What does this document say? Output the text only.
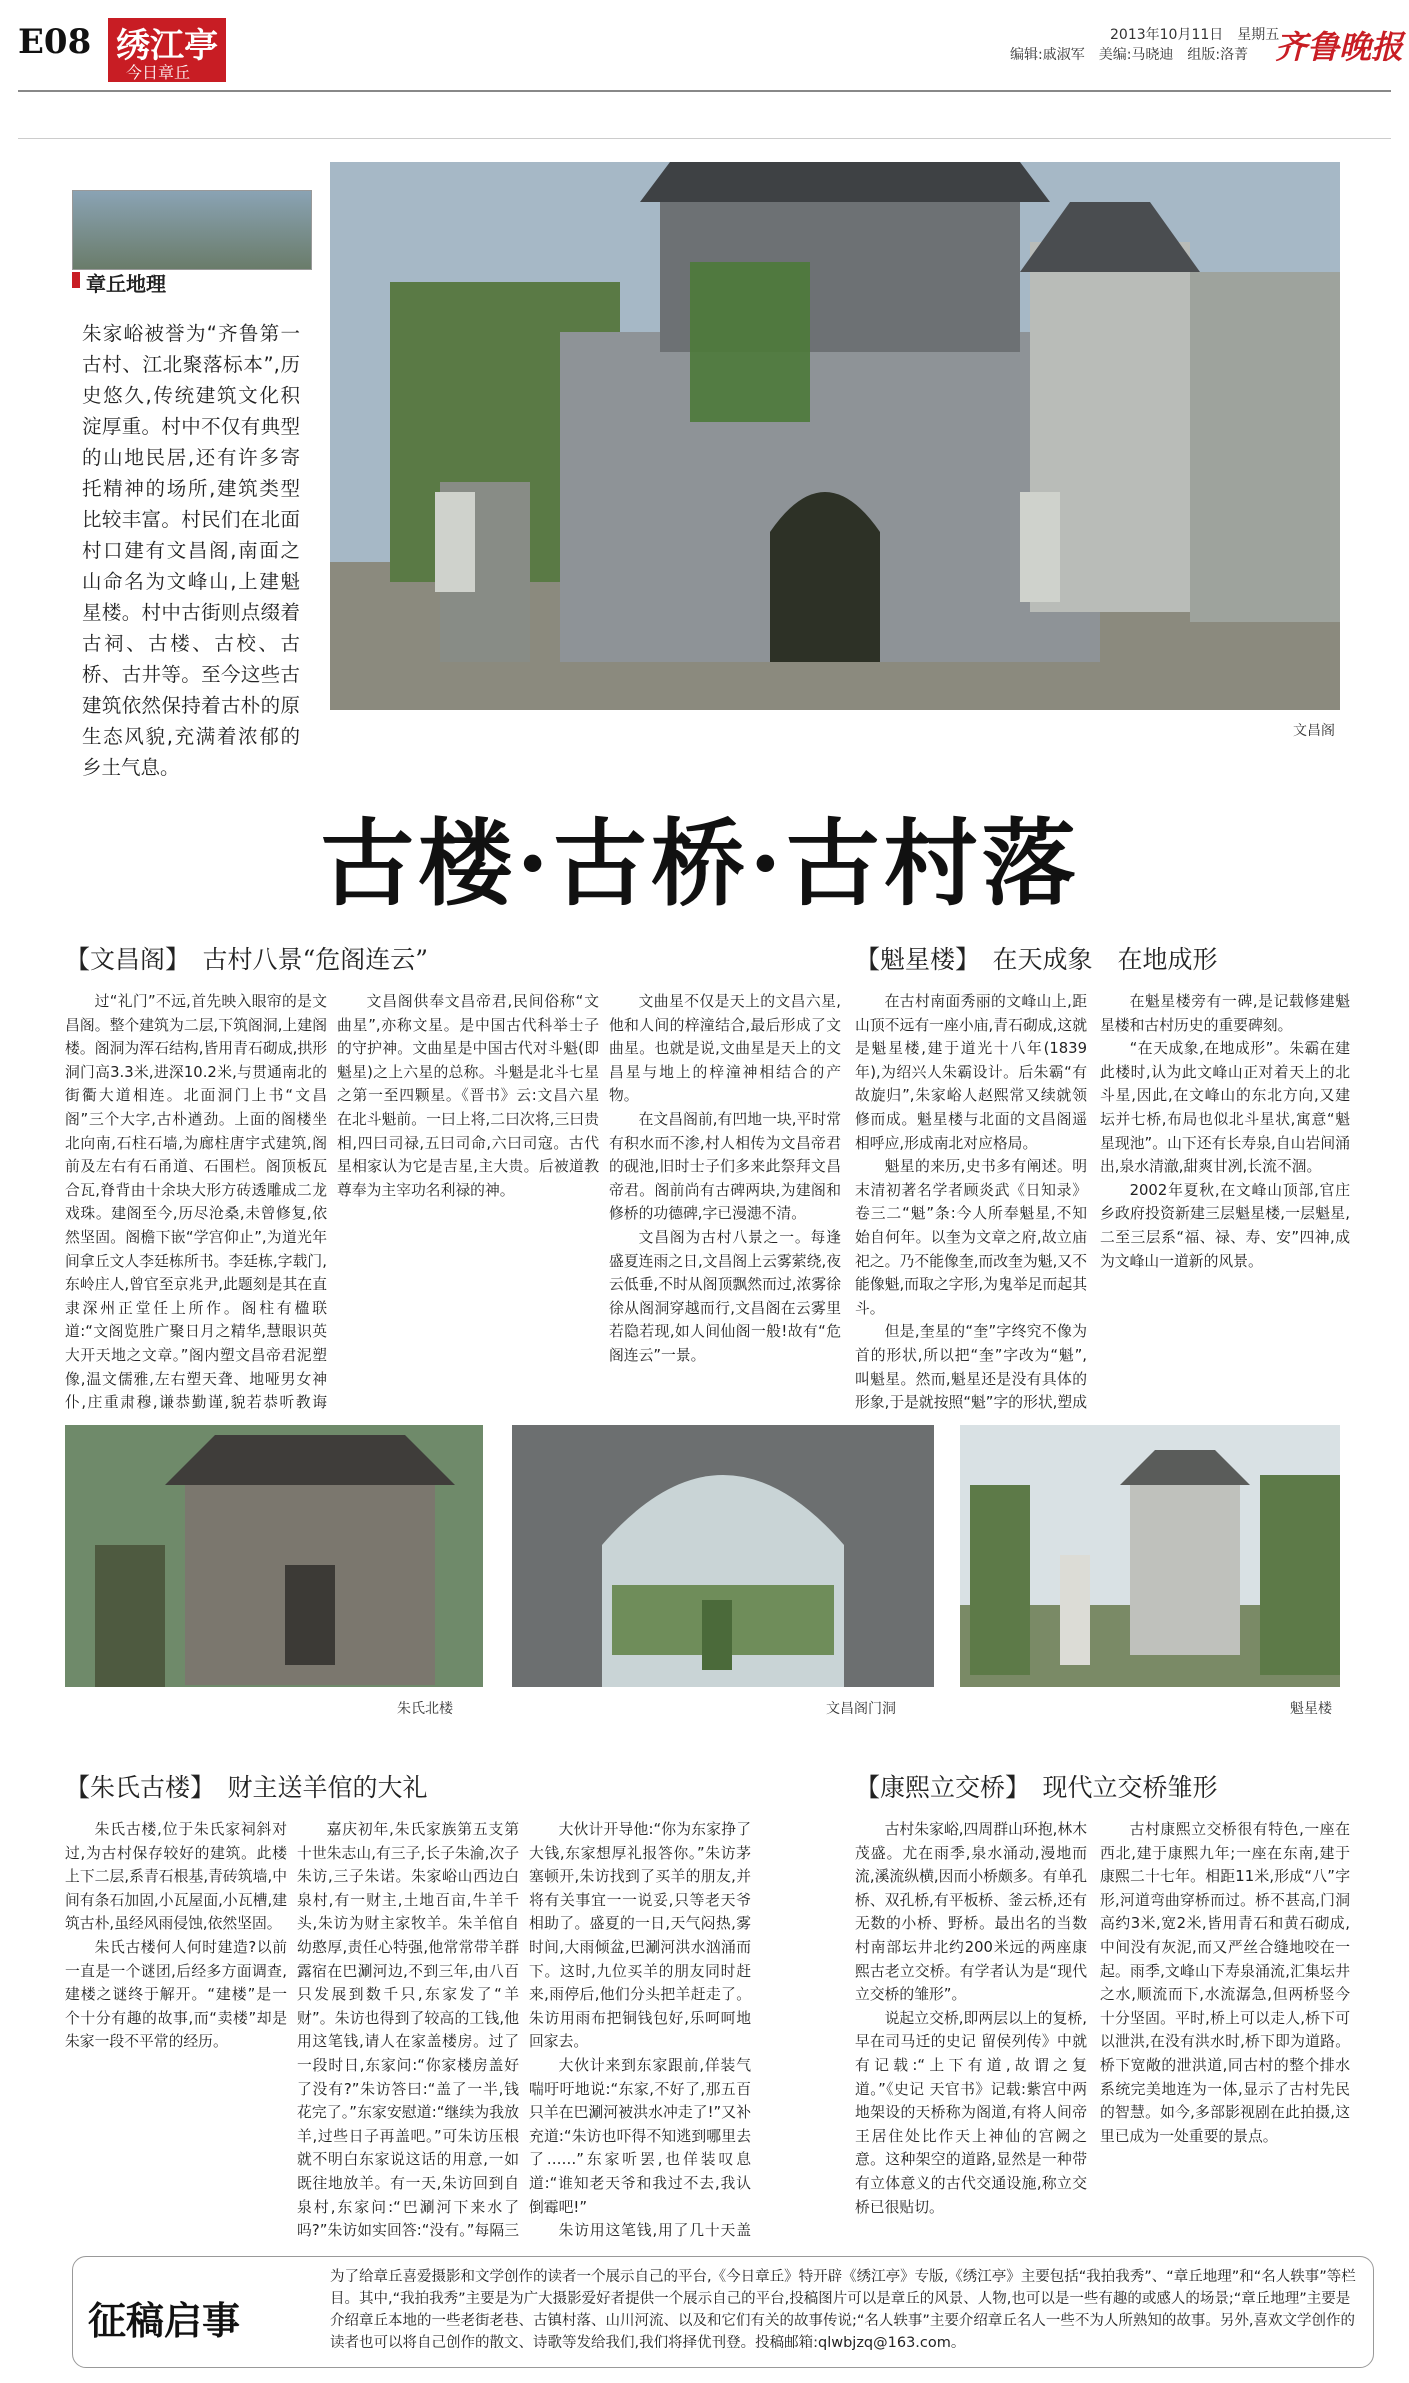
E08 绣江亭
今日章丘
2013年10月11日　星期五
编辑:戚淑军　美编:马晓迪　组版:洛菁 齐鲁晚报
章丘地理
朱家峪被誉为“齐鲁第一古村、江北聚落标本”,历史悠久,传统建筑文化积淀厚重。村中不仅有典型的山地民居,还有许多寄托精神的场所,建筑类型比较丰富。村民们在北面村口建有文昌阁,南面之山命名为文峰山,上建魁星楼。村中古街则点缀着古祠、古楼、古校、古桥、古井等。至今这些古建筑依然保持着古朴的原生态风貌,充满着浓郁的乡土气息。
文昌阁
古楼·古桥·古村落
【文昌阁】　古村八景“危阁连云”

过“礼门”不远,首先映入眼帘的是文昌阁。整个建筑为二层,下筑阁洞,上建阁楼。阁洞为浑石结构,皆用青石砌成,拱形洞门高3.3米,进深10.2米,与贯通南北的街衢大道相连。北面洞门上书“文昌阁”三个大字,古朴遒劲。上面的阁楼坐北向南,石柱石墙,为廊柱唐宇式建筑,阁前及左右有石甬道、石围栏。阁顶板瓦合瓦,脊背由十余块大形方砖透雕成二龙戏珠。建阁至今,历尽沧桑,未曾修复,依然坚固。阁檐下嵌“学宫仰止”,为道光年间拿丘文人李廷栋所书。李廷栋,字载门,东岭庄人,曾官至京兆尹,此题刻是其在直隶深州正堂任上所作。阁柱有楹联道:“文阁览胜广聚日月之精华,慧眼识英大开天地之文章。”阁内塑文昌帝君泥塑像,温文儒雅,左右塑天聋、地哑男女神仆,庄重肃穆,谦恭勤谨,貌若恭听教诲

文昌阁供奉文昌帝君,民间俗称“文曲星”,亦称文星。是中国古代科举士子的守护神。文曲星是中国古代对斗魁(即魁星)之上六星的总称。斗魁是北斗七星之第一至四颗星。《晋书》云:文昌六星在北斗魁前。一曰上将,二曰次将,三曰贵相,四曰司禄,五曰司命,六曰司寇。古代星相家认为它是吉星,主大贵。后被道教尊奉为主宰功名利禄的神。

文曲星不仅是天上的文昌六星,他和人间的梓潼结合,最后形成了文曲星。也就是说,文曲星是天上的文昌星与地上的梓潼神相结合的产物。

在文昌阁前,有凹地一块,平时常有积水而不渗,村人相传为文昌帝君的砚池,旧时士子们多来此祭拜文昌帝君。阁前尚有古碑两块,为建阁和修桥的功德碑,字已漫漶不清。

文昌阁为古村八景之一。每逢盛夏连雨之日,文昌阁上云雾萦绕,夜云低垂,不时从阁顶飘然而过,浓雾徐徐从阁洞穿越而行,文昌阁在云雾里若隐若现,如人间仙阁一般!故有“危阁连云”一景。

【魁星楼】　在天成象　在地成形

在古村南面秀丽的文峰山上,距山顶不远有一座小庙,青石砌成,这就是魁星楼,建于道光十八年(1839年),为绍兴人朱霸设计。后朱霸“有故旋归”,朱家峪人赵熙常又续就领修而成。魁星楼与北面的文昌阁遥相呼应,形成南北对应格局。

魁星的来历,史书多有阐述。明末清初著名学者顾炎武《日知录》卷三二“魁”条:今人所奉魁星,不知始自何年。以奎为文章之府,故立庙祀之。乃不能像奎,而改奎为魁,又不能像魁,而取之字形,为鬼举足而起其斗。

但是,奎星的“奎”字终究不像为首的形状,所以把“奎”字改为“魁”,叫魁星。然而,魁星还是没有具体的形象,于是就按照“魁”字的形状,塑成

在魁星楼旁有一碑,是记载修建魁星楼和古村历史的重要碑刻。

“在天成象,在地成形”。朱霸在建此楼时,认为此文峰山正对着天上的北斗星,因此,在文峰山的东北方向,又建坛并七桥,布局也似北斗星状,寓意“魁星现池”。山下还有长寿泉,自山岩间涌出,泉水清澈,甜爽甘冽,长流不涸。

2002年夏秋,在文峰山顶部,官庄乡政府投资新建三层魁星楼,一层魁星,二至三层系“福、禄、寿、安”四神,成为文峰山一道新的风景。

朱氏北楼	文昌阁门洞	魁星楼
【朱氏古楼】　财主送羊倌的大礼

朱氏古楼,位于朱氏家祠斜对过,为古村保存较好的建筑。此楼上下二层,系青石根基,青砖筑墙,中间有条石加固,小瓦屋面,小瓦槽,建筑古朴,虽经风雨侵蚀,依然坚固。

朱氏古楼何人何时建造?以前一直是一个谜团,后经多方面调查,建楼之谜终于解开。“建楼”是一个十分有趣的故事,而“卖楼”却是朱家一段不平常的经历。

嘉庆初年,朱氏家族第五支第十世朱志山,有三子,长子朱渝,次子朱访,三子朱诺。朱家峪山西边白泉村,有一财主,土地百亩,牛羊千头,朱访为财主家牧羊。朱羊倌自幼憨厚,责任心特强,他常常带羊群露宿在巴涮河边,不到三年,由八百只发展到数千只,东家发了“羊财”。朱访也得到了较高的工钱,他用这笔钱,请人在家盖楼房。过了一段时日,东家问:“你家楼房盖好了没有?”朱访答曰:“盖了一半,钱花完了。”东家安慰道:“继续为我放羊,过些日子再盖吧。”可朱访压根就不明白东家说这话的用意,一如既往地放羊。有一天,朱访回到自泉村,东家问:“巴涮河下来水了吗?”朱访如实回答:“没有。”每隔三

大伙计开导他:“你为东家挣了大钱,东家想厚礼报答你。”朱访茅塞顿开,朱访找到了买羊的朋友,并将有关事宜一一说妥,只等老天爷相助了。盛夏的一日,天气闷热,雾时间,大雨倾盆,巴涮河洪水汹涌而下。这时,九位买羊的朋友同时赶来,雨停后,他们分头把羊赶走了。朱访用雨布把铜钱包好,乐呵呵地回家去。

大伙计来到东家跟前,佯装气喘吁吁地说:“东家,不好了,那五百只羊在巴涮河被洪水冲走了!”又补充道:“朱访也吓得不知逃到哪里去了……”东家听罢,也佯装叹息道:“谁知老天爷和我过不去,我认倒霉吧!”

朱访用这笔钱,用了几十天盖

【康熙立交桥】　现代立交桥雏形

古村朱家峪,四周群山环抱,林木茂盛。尤在雨季,泉水涌动,漫地而流,溪流纵横,因而小桥颇多。有单孔桥、双孔桥,有平板桥、釜云桥,还有无数的小桥、野桥。最出名的当数村南部坛井北约200米远的两座康熙古老立交桥。有学者认为是“现代立交桥的雏形”。

说起立交桥,即两层以上的复桥,早在司马迁的史记 留侯列传》中就有记载:“上下有道,故谓之复道。”《史记 天官书》记载:紫宫中两地架设的天桥称为阁道,有将人间帝王居住处比作天上神仙的宫阙之意。这种架空的道路,显然是一种带有立体意义的古代交通设施,称立交桥已很贴切。

古村康熙立交桥很有特色,一座在西北,建于康熙九年;一座在东南,建于康熙二十七年。相距11米,形成“八”字形,河道弯曲穿桥而过。桥不甚高,门洞高约3米,宽2米,皆用青石和黄石砌成,中间没有灰泥,而又严丝合缝地咬在一起。雨季,文峰山下寿泉涌流,汇集坛井之水,顺流而下,水流潺急,但两桥竖今十分坚固。平时,桥上可以走人,桥下可以泄洪,在没有洪水时,桥下即为道路。桥下宽敞的泄洪道,同古村的整个排水系统完美地连为一体,显示了古村先民的智慧。如今,多部影视剧在此拍摄,这里已成为一处重要的景点。

征稿启事
为了给章丘喜爱摄影和文学创作的读者一个展示自己的平台,《今日章丘》特开辟《绣江亭》专版,《绣江亭》主要包括“我拍我秀”、“章丘地理”和“名人轶事”等栏目。其中,“我拍我秀”主要是为广大摄影爱好者提供一个展示自己的平台,投稿图片可以是章丘的风景、人物,也可以是一些有趣的或感人的场景;“章丘地理”主要是介绍章丘本地的一些老街老巷、古镇村落、山川河流、以及和它们有关的故事传说;“名人轶事”主要介绍章丘名人一些不为人所熟知的故事。另外,喜欢文学创作的读者也可以将自己创作的散文、诗歌等发给我们,我们将择优刊登。投稿邮箱:qlwbjzq@163.com。
